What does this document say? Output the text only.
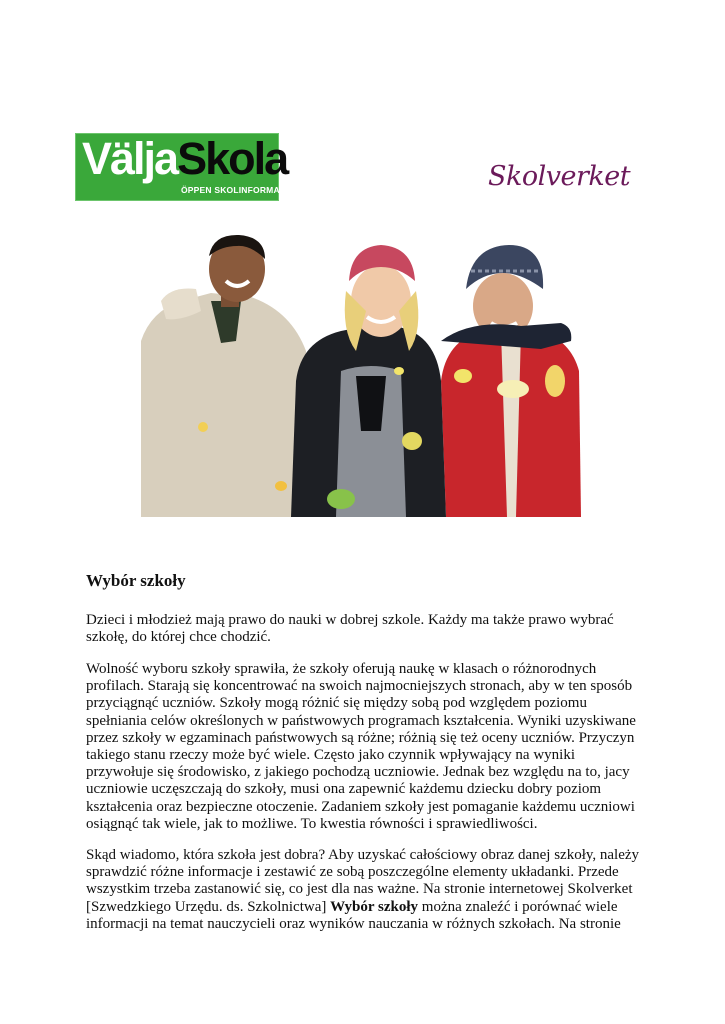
VäljaSkola
ÖPPEN SKOLINFORMATION	Skolverket
Wybór szkoły

Dzieci i młodzież mają prawo do nauki w dobrej szkole. Każdy ma także prawo wybrać szkołę, do której chce chodzić.

Wolność wyboru szkoły sprawiła, że szkoły oferują naukę w klasach o różnorodnych profilach. Starają się koncentrować na swoich najmocniejszych stronach, aby w ten sposób przyciągnąć uczniów. Szkoły mogą różnić się między sobą pod względem poziomu spełniania celów określonych w państwowych programach kształcenia. Wyniki uzyskiwane przez szkoły w egzaminach państwowych są różne; różnią się też oceny uczniów. Przyczyn takiego stanu rzeczy może być wiele. Często jako czynnik wpływający na wyniki przywołuje się środowisko, z jakiego pochodzą uczniowie. Jednak bez względu na to, jacy uczniowie uczęszczają do szkoły, musi ona zapewnić każdemu dziecku dobry poziom kształcenia oraz bezpieczne otoczenie. Zadaniem szkoły jest pomaganie każdemu uczniowi osiągnąć tak wiele, jak to możliwe. To kwestia równości i sprawiedliwości.

Skąd wiadomo, która szkoła jest dobra? Aby uzyskać całościowy obraz danej szkoły, należy sprawdzić różne informacje i zestawić ze sobą poszczególne elementy układanki. Przede wszystkim trzeba zastanowić się, co jest dla nas ważne. Na stronie internetowej Skolverket [Szwedzkiego Urzędu. ds. Szkolnictwa] Wybór szkoły można znaleźć i porównać wiele informacji na temat nauczycieli oraz wyników nauczania w różnych szkołach. Na stronie
